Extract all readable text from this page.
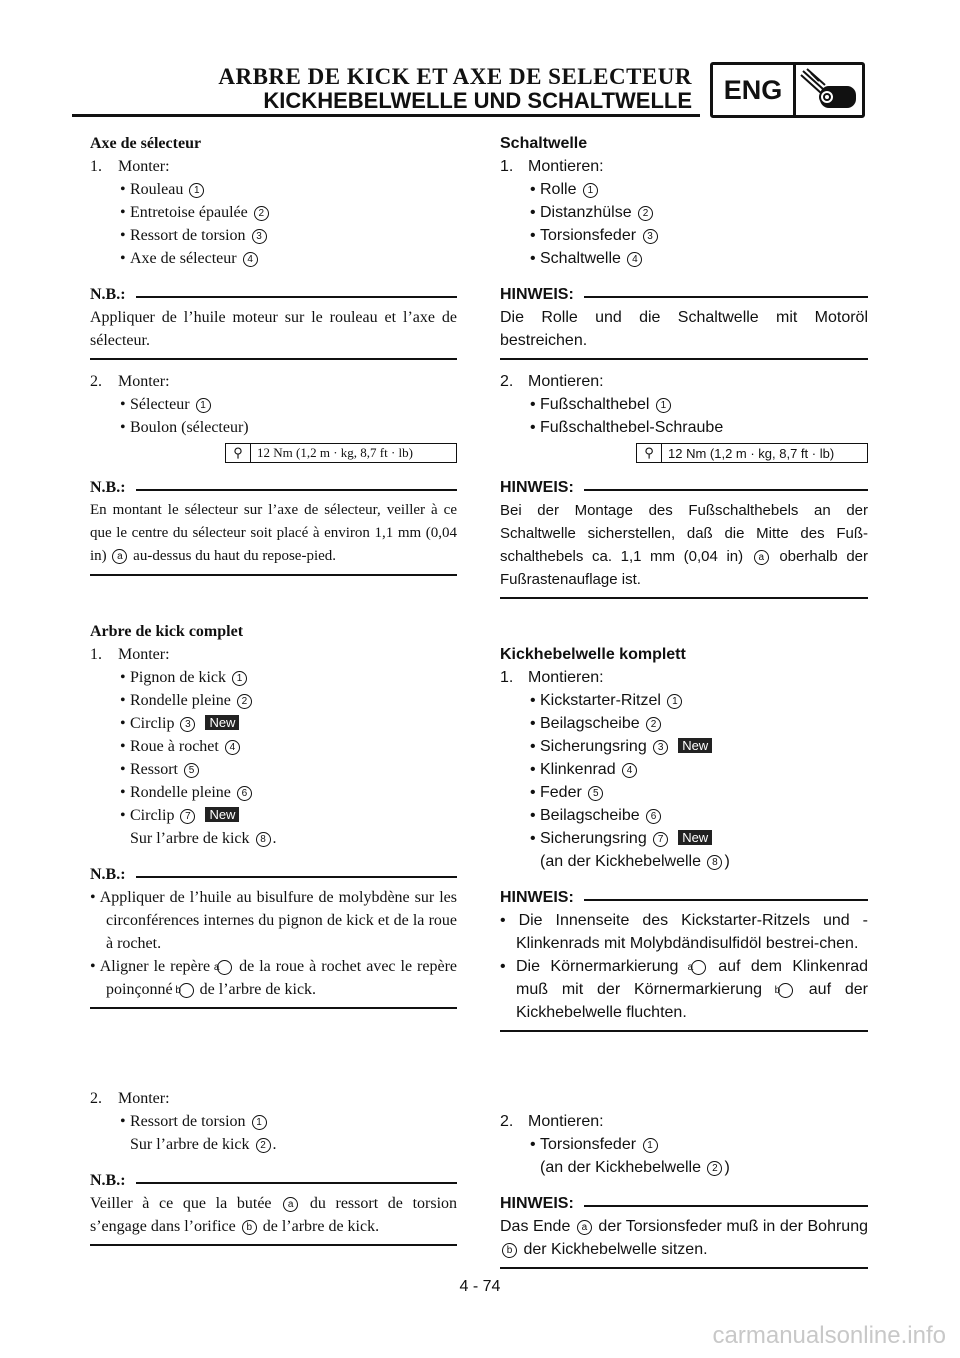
ARBRE DE KICK ET AXE DE SELECTEUR
KICKHEBELWELLE UND SCHALTWELLE	ENG
Axe de sélecteur
1. Monter:
• Rouleau 1
• Entretoise épaulée 2
• Ressort de torsion 3
• Axe de sélecteur 4
N.B.:
Appliquer de l’huile moteur sur le rouleau et l’axe de sélecteur.
2. Monter:
• Sélecteur 1
• Boulon (sélecteur)
⚲	12 Nm (1,2 m · kg, 8,7 ft · lb)
N.B.:
En montant le sélecteur sur l’axe de sélecteur, veiller à ce que le centre du sélecteur soit placé à environ 1,1 mm (0,04 in) a au-dessus du haut du repose-pied.
Arbre de kick complet
1. Monter:
• Pignon de kick 1
• Rondelle pleine 2
• Circlip 3 New
• Roue à rochet 4
• Ressort 5
• Rondelle pleine 6
• Circlip 7 New
Sur l’arbre de kick 8 .
N.B.:
• Appliquer de l’huile au bisulfure de molybdène sur les circonférences internes du pignon de kick et de la roue à rochet.
• Aligner le repère a de la roue à rochet avec le repère poinçonné b de l’arbre de kick.
2. Monter:
• Ressort de torsion 1
Sur l’arbre de kick 2 .
N.B.:
Veiller à ce que la butée a du ressort de torsion s’engage dans l’orifice b de l’arbre de kick.
Schaltwelle
1. Montieren:
• Rolle 1
• Distanzhülse 2
• Torsionsfeder 3
• Schaltwelle 4
HINWEIS:
Die Rolle und die Schaltwelle mit Motoröl bestreichen.
2. Montieren:
• Fußschalthebel 1
• Fußschalthebel-Schraube
⚲	12 Nm (1,2 m · kg, 8,7 ft · lb)
HINWEIS:
Bei der Montage des Fußschalthebels an der Schaltwelle sicherstellen, daß die Mitte des Fuß-schalthebels ca. 1,1 mm (0,04 in) a oberhalb der Fußrastenauflage ist.
Kickhebelwelle komplett
1. Montieren:
• Kickstarter-Ritzel 1
• Beilagscheibe 2
• Sicherungsring 3 New
• Klinkenrad 4
• Feder 5
• Beilagscheibe 6
• Sicherungsring 7 New
(an der Kickhebelwelle 8 )
HINWEIS:
• Die Innenseite des Kickstarter-Ritzels und -Klinkenrads mit Molybdändisulfidöl bestrei-chen.
• Die Körnermarkierung a auf dem Klinkenrad muß mit der Körnermarkierung b auf der Kickhebelwelle fluchten.
2. Montieren:
• Torsionsfeder 1
(an der Kickhebelwelle 2 )
HINWEIS:
Das Ende a der Torsionsfeder muß in der Bohrung b der Kickhebelwelle sitzen.
4 - 74
carmanualsonline.info
